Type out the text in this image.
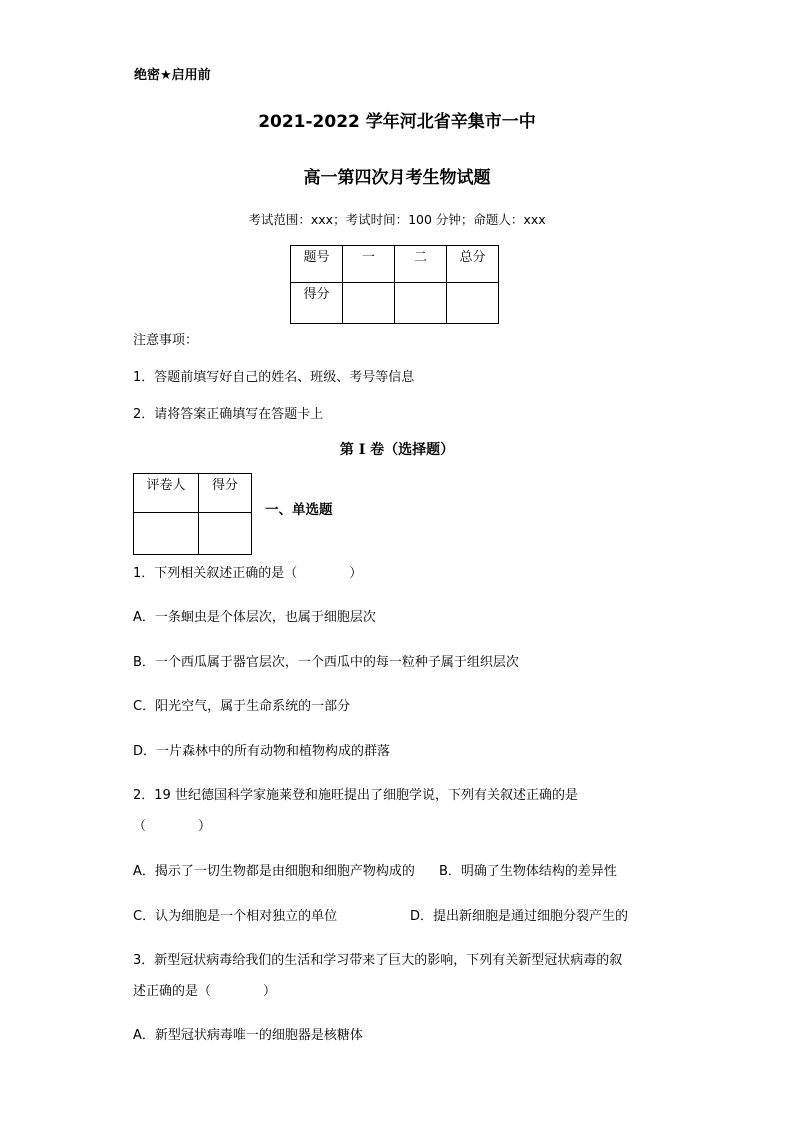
绝密★启用前
2021-2022 学年河北省辛集市一中
高一第四次月考生物试题
考试范围：xxx；考试时间：100 分钟；命题人：xxx
题号	一	二	总分
得分			
注意事项：
1．答题前填写好自己的姓名、班级、考号等信息
2．请将答案正确填写在答题卡上
第 I 卷（选择题）
评卷人	得分

一、单选题
1．下列相关叙述正确的是（　　　　）
A．一条蛔虫是个体层次，也属于细胞层次
B．一个西瓜属于器官层次，一个西瓜中的每一粒种子属于组织层次
C．阳光空气，属于生命系统的一部分
D．一片森林中的所有动物和植物构成的群落
2．19 世纪德国科学家施莱登和施旺提出了细胞学说，下列有关叙述正确的是
（　　　　）
A．揭示了一切生物都是由细胞和细胞产物构成的 B．明确了生物体结构的差异性
C．认为细胞是一个相对独立的单位	D．提出新细胞是通过细胞分裂产生的
3．新型冠状病毒给我们的生活和学习带来了巨大的影响，下列有关新型冠状病毒的叙
述正确的是（　　　　）
A．新型冠状病毒唯一的细胞器是核糖体
